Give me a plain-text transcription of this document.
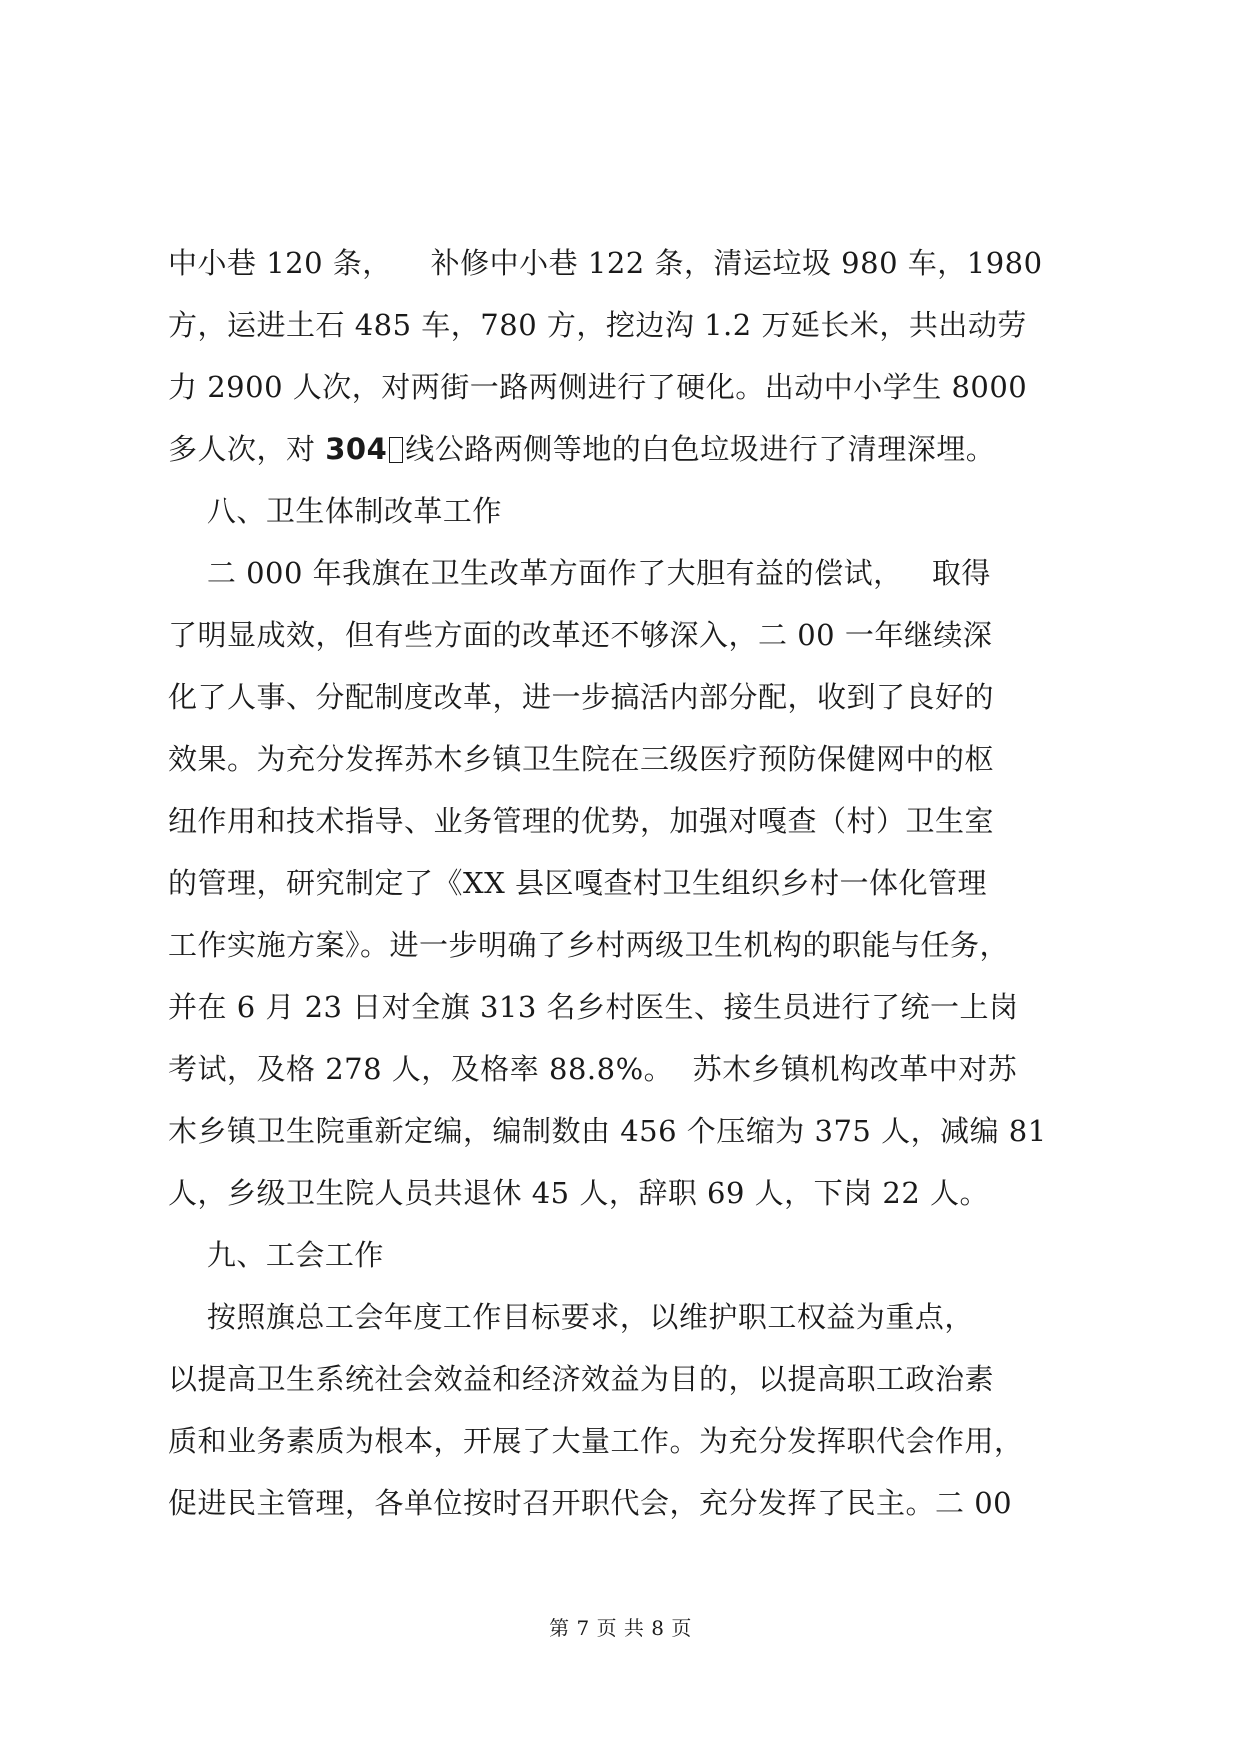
中小巷 120 条，    补修中小巷 122 条，清运垃圾 980 车，1980
方，运进土石 485 车，780 方，挖边沟 1.2 万延长米，共出动劳
力 2900 人次，对两街一路两侧进行了硬化。出动中小学生 8000
多人次，对 304 线公路两侧等地的白色垃圾进行了清理深埋。
八、卫生体制改革工作
二 000 年我旗在卫生改革方面作了大胆有益的偿试，   取得
了明显成效，但有些方面的改革还不够深入，二 00 一年继续深
化了人事、分配制度改革，进一步搞活内部分配，收到了良好的
效果。为充分发挥苏木乡镇卫生院在三级医疗预防保健网中的枢
纽作用和技术指导、业务管理的优势，加强对嘎查（村）卫生室
的管理，研究制定了《XX 县区嘎查村卫生组织乡村一体化管理
工作实施方案》。进一步明确了乡村两级卫生机构的职能与任务，
并在 6 月 23 日对全旗 313 名乡村医生、接生员进行了统一上岗
考试，及格 278 人，及格率 88.8%。  苏木乡镇机构改革中对苏
木乡镇卫生院重新定编，编制数由 456 个压缩为 375 人，减编 81
人，乡级卫生院人员共退休 45 人，辞职 69 人，下岗 22 人。
九、工会工作
按照旗总工会年度工作目标要求，以维护职工权益为重点，
以提高卫生系统社会效益和经济效益为目的，以提高职工政治素
质和业务素质为根本，开展了大量工作。为充分发挥职代会作用，
促进民主管理，各单位按时召开职代会，充分发挥了民主。二 00
第 7 页 共 8 页
